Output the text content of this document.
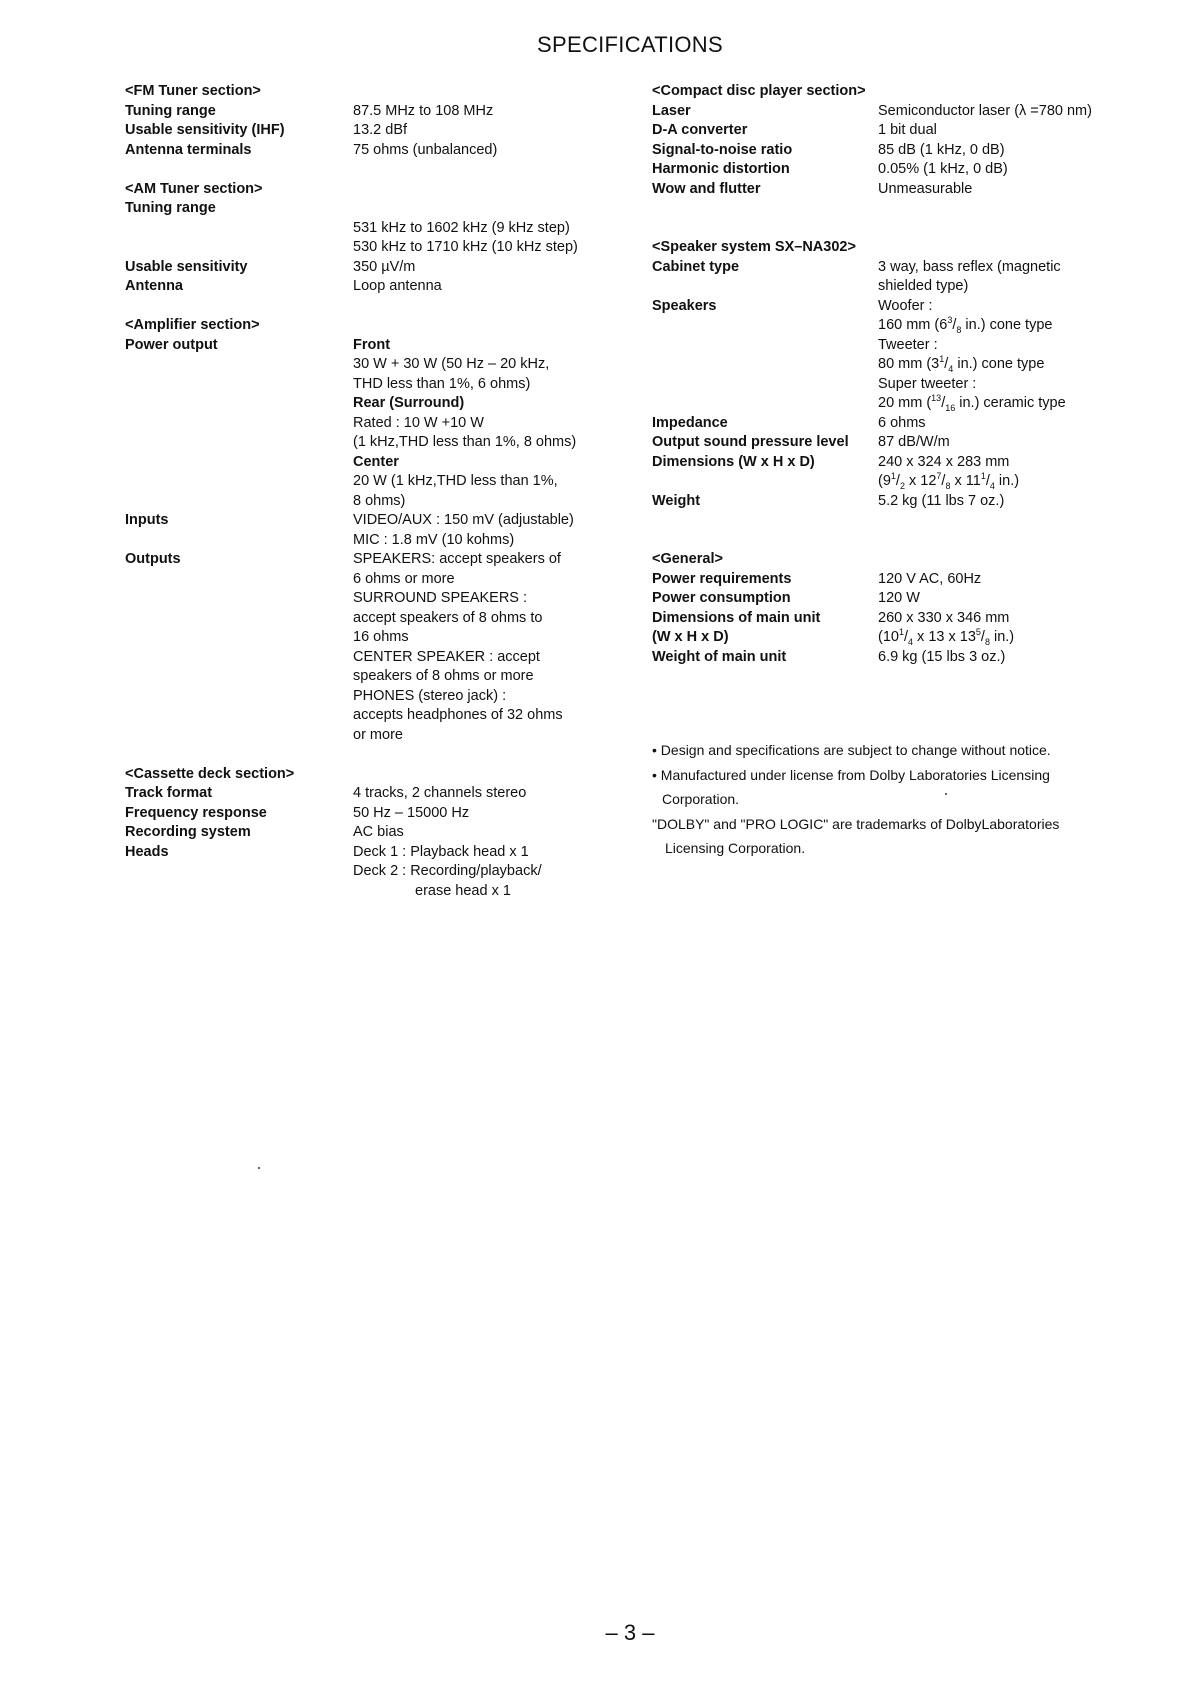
SPECIFICATIONS
<FM Tuner section>
Tuning range	87.5 MHz to 108 MHz
Usable sensitivity (IHF)	13.2 dBf
Antenna terminals	75 ohms (unbalanced)
<AM Tuner section>
Tuning range
531 kHz to 1602 kHz (9 kHz step)
530 kHz to 1710 kHz (10 kHz step)
Usable sensitivity	350 µV/m
Antenna	Loop antenna
<Amplifier section>
Power output	Front
30 W + 30 W (50 Hz – 20 kHz,
THD less than 1%, 6 ohms)
Rear (Surround)
Rated : 10 W +10 W
(1 kHz,THD less than 1%, 8 ohms)
Center
20 W (1 kHz,THD less than 1%,
8 ohms)
Inputs	VIDEO/AUX : 150 mV (adjustable)
MIC : 1.8 mV (10 kohms)
Outputs	SPEAKERS: accept speakers of
6 ohms or more
SURROUND SPEAKERS :
accept speakers of 8 ohms to
16 ohms
CENTER SPEAKER : accept
speakers of 8 ohms or more
PHONES (stereo jack) :
accepts headphones of 32 ohms
or more
<Cassette deck section>
Track format	4 tracks, 2 channels stereo
Frequency response	50 Hz – 15000 Hz
Recording system	AC bias
Heads	Deck 1 : Playback head x 1
Deck 2 : Recording/playback/
erase head x 1
<Compact disc player section>
Laser	Semiconductor laser (λ =780 nm)
D-A converter	1 bit dual
Signal-to-noise ratio	85 dB (1 kHz, 0 dB)
Harmonic distortion	0.05% (1 kHz, 0 dB)
Wow and flutter	Unmeasurable
<Speaker system SX–NA302>
Cabinet type	3 way, bass reflex (magnetic
shielded type)
Speakers	Woofer :
160 mm ($6^3/_8$ in.) cone type
Tweeter :
80 mm ($3^1/_4$ in.) cone type
Super tweeter :
20 mm ($^{13}/_{16}$ in.) ceramic type
Impedance	6 ohms
Output sound pressure level	87 dB/W/m
Dimensions (W x H x D)	240 x 324 x 283 mm
($9^1/_2$ x $12^7/_8$ x $11^1/_4$ in.)
Weight	5.2 kg (11 lbs 7 oz.)
<General>
Power requirements	120 V AC, 60Hz
Power consumption	120 W
Dimensions of main unit	260 x 330 x 346 mm
(W x H x D)	($10^1/_4$ x 13 x $13^5/_8$ in.)
Weight of main unit	6.9 kg (15 lbs 3 oz.)
• Design and specifications are subject to change without notice.
• Manufactured under license from Dolby Laboratories Licensing
Corporation.
"DOLBY" and "PRO LOGIC" are trademarks of DolbyLaboratories
Licensing Corporation.
– 3 –
